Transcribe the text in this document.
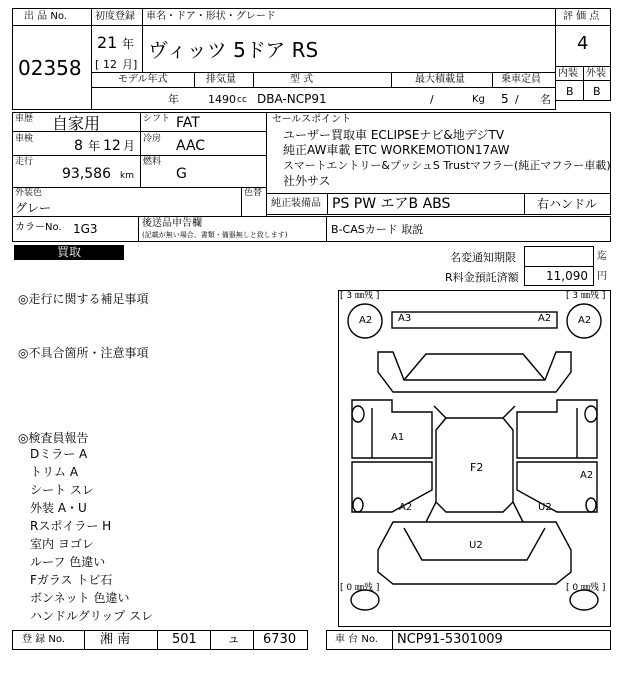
出 品 No.
02358
初度登録
21 年
[ 12 月]
車名・ドア・形状・グレード
ヴィッツ 5ドア RS
評 価 点
4
内装 外装
B B
モデル年式	排気量	型 式	最大積載量	乗車定員
年	1490 cc DBA-NCP91	/	Kg 5 / 名
車歴 自家用	シフト FAT
車検	8 年 12 月 冷房 AAC
走行
93,586 km
燃料
G
セールスポイント
ユーザー買取車 ECLIPSEナビ&地デジTV
純正AW車載 ETC WORKEMOTION17AW
スマートエントリー&プッシュS Trustマフラー(純正マフラー車載)
社外サス
外装色
グレー
色替
純正装備品 PS PW エアB ABS	右ハンドル
カラーNo. 1G3	後送品申告欄
(記載が無い場合、書類・備器無しと致します)	B-CASカード 取説
買取	名変通知期限	迄
R料金預託済額 11,090 円
◎走行に関する補足事項
◎不具合箇所・注意事項
◎検査員報告
Dミラー A
トリム A
シート スレ
外装 A・U
Rスポイラー H
室内 ヨゴレ
ルーフ 色違い
Fガラス トビ石
ボンネット 色違い
ハンドルグリップ スレ
[ 3 ㎜残 ]	[ 3 ㎜残 ]
[ 0 ㎜残 ]	[ 0 ㎜残 ]
A2	A2
A3	A2
A1
F2
A2
A2	U2
U2
登 録 No.	湘 南	501 ュ 6730	車 台 No. NCP91-5301009
